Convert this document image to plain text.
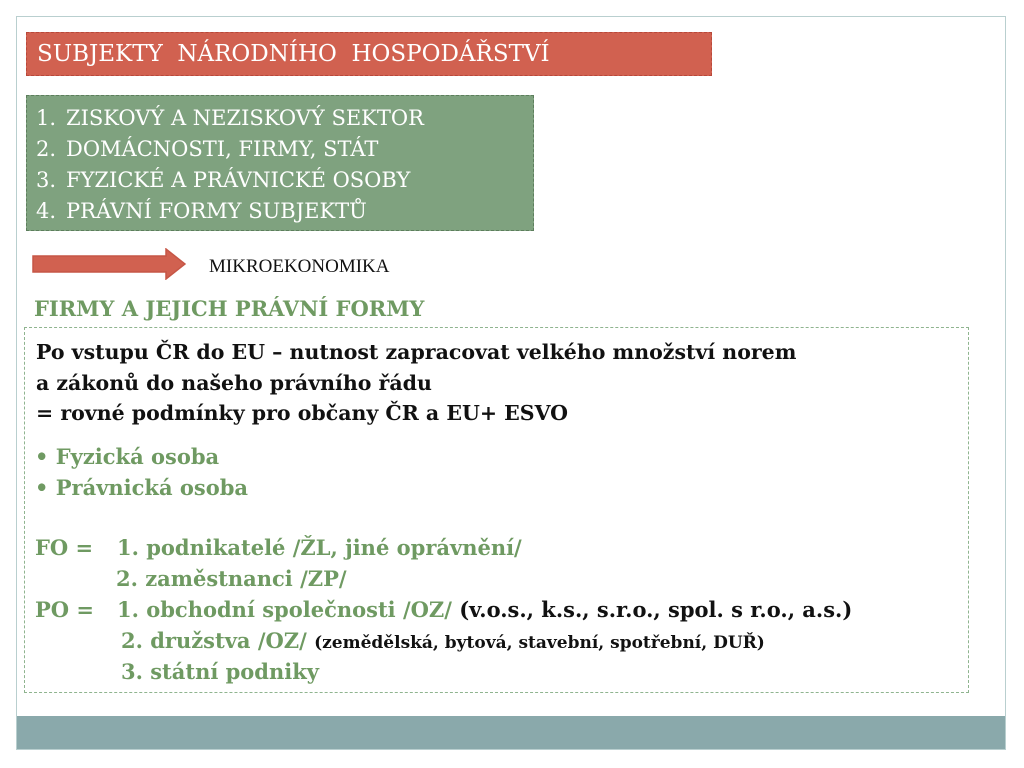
SUBJEKTY  NÁRODNÍHO  HOSPODÁŘSTVÍ
1. ZISKOVÝ A NEZISKOVÝ SEKTOR
2. DOMÁCNOSTI, FIRMY, STÁT
3. FYZICKÉ A PRÁVNICKÉ OSOBY
4. PRÁVNÍ FORMY SUBJEKTŮ
MIKROEKONOMIKA
FIRMY A JEJICH PRÁVNÍ FORMY
Po vstupu ČR do EU – nutnost zapracovat velkého množství norem
a zákonů do našeho právního řádu
= rovné podmínky pro občany ČR a EU+ ESVO
• Fyzická osoba
• Právnická osoba
FO = 1. podnikatelé /ŽL, jiné oprávnění/
2. zaměstnanci /ZP/
PO = 1. obchodní společnosti /OZ/ (v.o.s., k.s., s.r.o., spol. s r.o., a.s.)
2. družstva /OZ/ (zemědělská, bytová, stavební, spotřební, DUŘ)
3. státní podniky
